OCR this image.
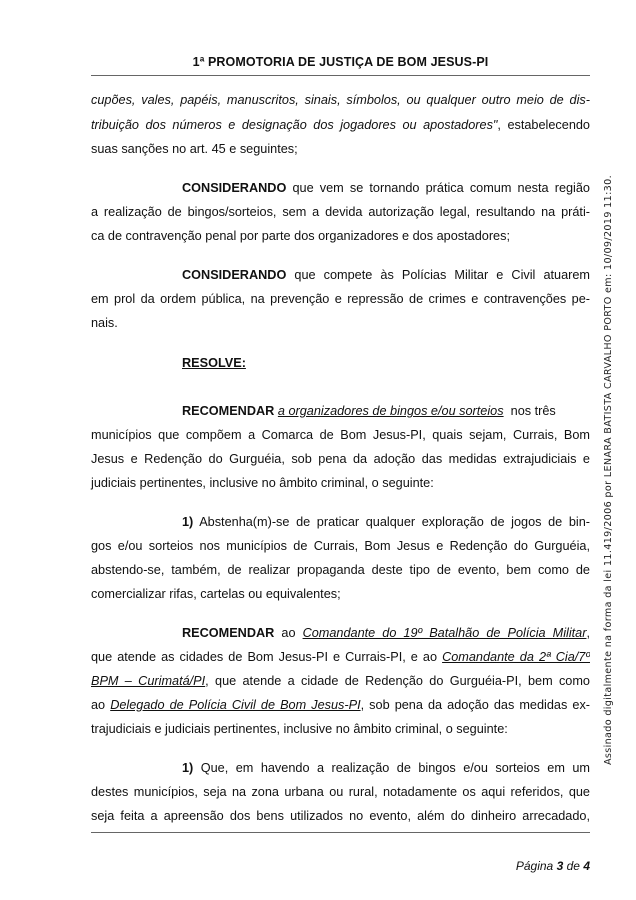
1ª PROMOTORIA DE JUSTIÇA DE BOM JESUS-PI
cupões, vales, papéis, manuscritos, sinais, símbolos, ou qualquer outro meio de dis-
tribuição dos números e designação dos jogadores ou apostadores", estabelecendo
suas sanções no art. 45 e seguintes;
CONSIDERANDO que vem se tornando prática comum nesta região
a realização de bingos/sorteios, sem a devida autorização legal, resultando na práti-
ca de contravenção penal por parte dos organizadores e dos apostadores;
CONSIDERANDO que compete às Polícias Militar e Civil atuarem
em prol da ordem pública, na prevenção e repressão de crimes e contravenções pe-
nais.
RESOLVE:
RECOMENDAR a organizadores de bingos e/ou sorteios  nos três
municípios que compõem a Comarca de Bom Jesus-PI, quais sejam, Currais, Bom
Jesus e Redenção do Gurguéia, sob pena da adoção das medidas extrajudiciais e
judiciais pertinentes, inclusive no âmbito criminal, o seguinte:
1) Abstenha(m)-se de praticar qualquer exploração de jogos de bin-
gos e/ou sorteios nos municípios de Currais, Bom Jesus e Redenção do Gurguéia,
abstendo-se, também, de realizar propaganda deste tipo de evento, bem como de
comercializar rifas, cartelas ou equivalentes;
RECOMENDAR ao Comandante do 19º Batalhão de Polícia Militar,
que atende as cidades de Bom Jesus-PI e Currais-PI, e ao Comandante da 2ª Cia/7º
BPM – Curimatá/PI, que atende a cidade de Redenção do Gurguéia-PI, bem como
ao Delegado de Polícia Civil de Bom Jesus-PI, sob pena da adoção das medidas ex-
trajudiciais e judiciais pertinentes, inclusive no âmbito criminal, o seguinte:
1) Que, em havendo a realização de bingos e/ou sorteios em um
destes municípios, seja na zona urbana ou rural, notadamente os aqui referidos, que
seja feita a apreensão dos bens utilizados no evento, além do dinheiro arrecadado,
Página 3 de 4
Assinado digitalmente na forma da lei 11.419/2006 por LENARA BATISTA CARVALHO PORTO em: 10/09/2019 11:30.
